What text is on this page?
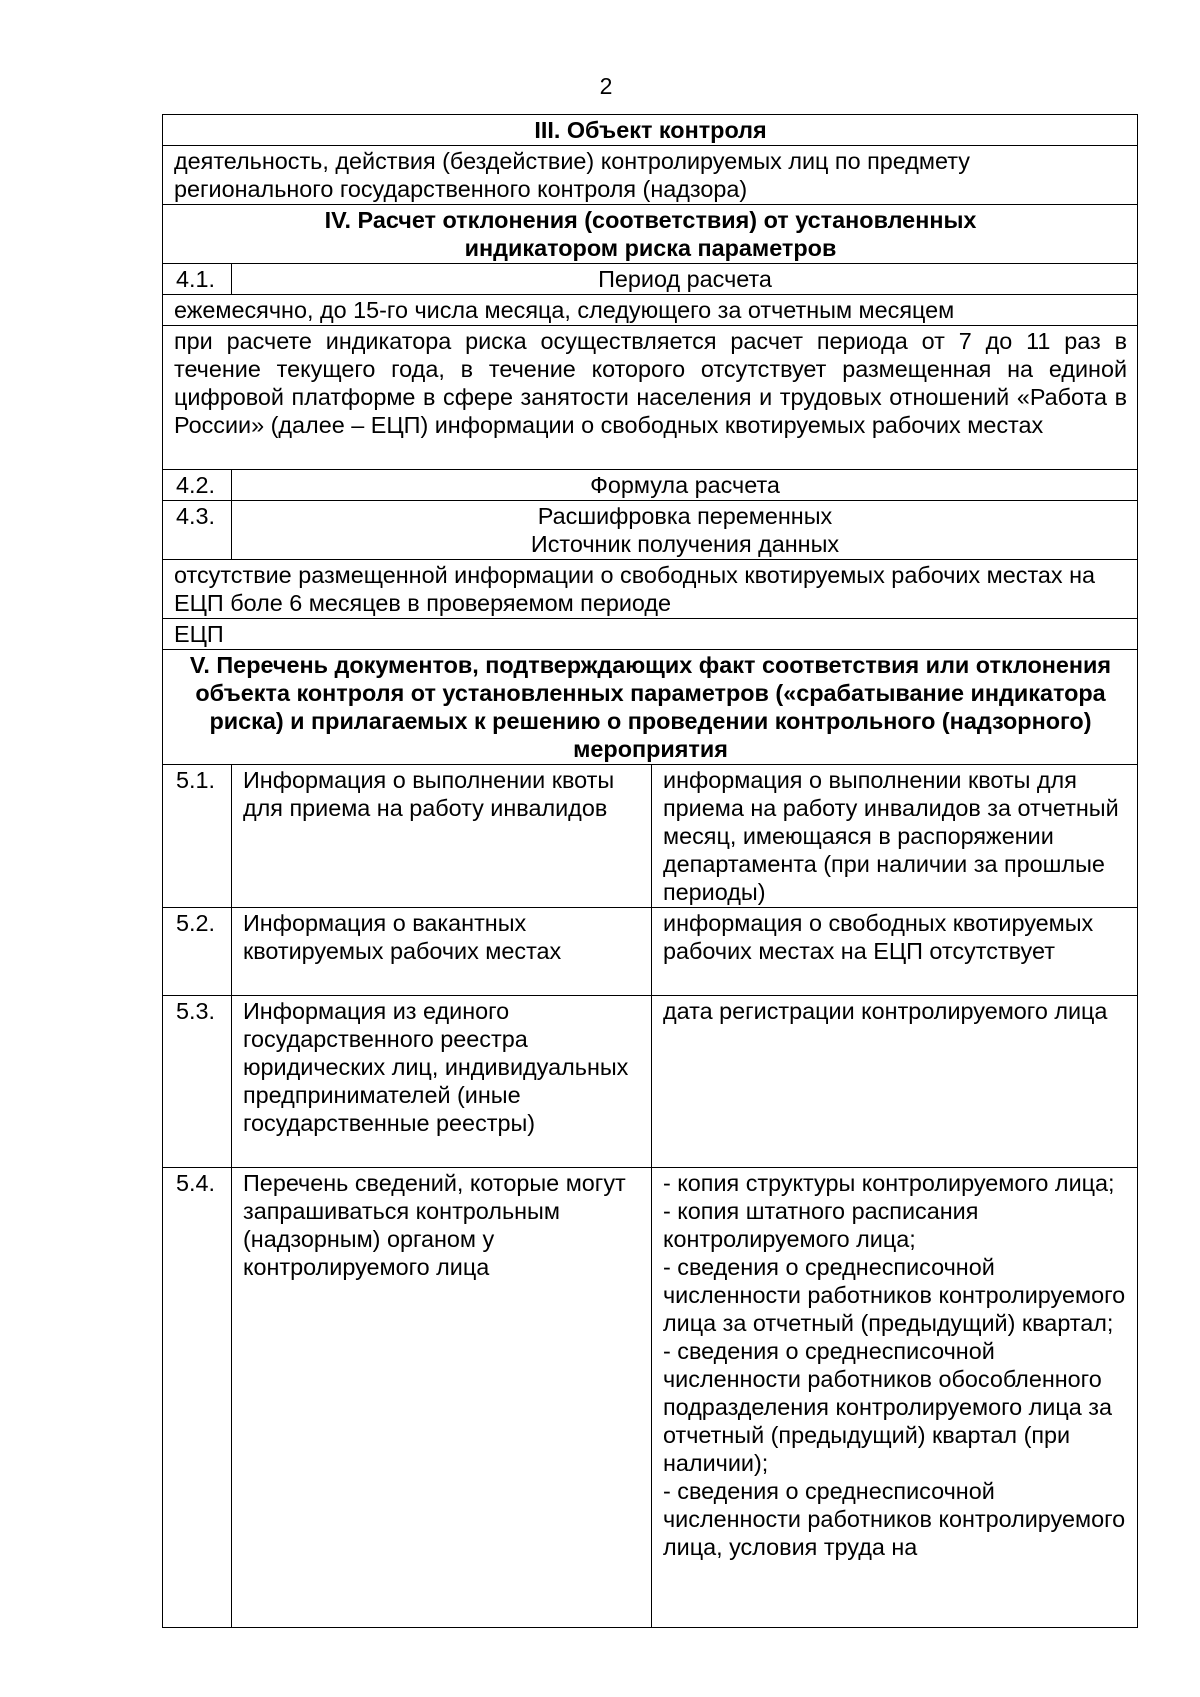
2
III. Объект контроля		
деятельность, действия (бездействие) контролируемых лиц по предмету регионального государственного контроля (надзора)		

IV. Расчет отклонения (соответствия) от установленных
индикатором риска параметров		

4.1.	Период расчета	
ежемесячно, до 15-го числа месяца, следующего за отчетным месяцем		
при расчете индикатора риска осуществляется расчет периода от 7 до 11 раз в течение текущего года, в течение которого отсутствует размещенная на единой цифровой платформе в сфере занятости населения и трудовых отношений «Работа в России» (далее – ЕЦП) информации о свободных квотируемых рабочих местах		
4.2.	Формула расчета	
4.3.	Расшифровка переменных
Источник получения данных	

отсутствие размещенной информации о свободных квотируемых рабочих местах на ЕЦП боле 6 месяцев в проверяемом периоде		
ЕЦП		
V. Перечень документов, подтверждающих факт соответствия или отклонения объекта контроля от установленных параметров («срабатывание индикатора риска) и прилагаемых к решению о проведении контрольного (надзорного) мероприятия		
5.1.	Информация о выполнении квоты для приема на работу инвалидов	информация о выполнении квоты для приема на работу инвалидов за отчетный месяц, имеющаяся в распоряжении департамента (при наличии за прошлые периоды)
5.2.	Информация о вакантных квотируемых рабочих местах	информация о свободных квотируемых рабочих местах на ЕЦП отсутствует
5.3.	Информация из единого государственного реестра юридических лиц, индивидуальных предпринимателей (иные государственные реестры)	дата регистрации контролируемого лица
5.4.	Перечень сведений, которые могут запрашиваться контрольным (надзорным) органом у контролируемого лица	- копия структуры контролируемого лица;
- копия штатного расписания контролируемого лица;
- сведения о среднесписочной численности работников контролируемого лица за отчетный (предыдущий) квартал;
- сведения о среднесписочной численности работников обособленного подразделения контролируемого лица за отчетный (предыдущий) квартал (при наличии);
- сведения о среднесписочной численности работников контролируемого лица, условия труда на
